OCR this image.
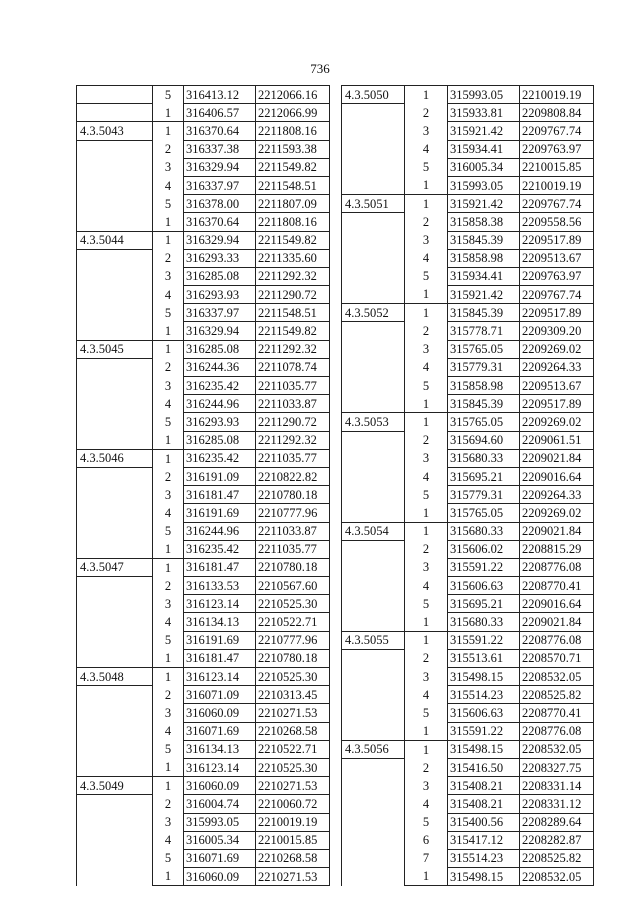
736
	5	316413.12	2212066.16
	1	316406.57	2212066.99
4.3.5043	1	316370.64	2211808.16
	2	316337.38	2211593.38
	3	316329.94	2211549.82
	4	316337.97	2211548.51
	5	316378.00	2211807.09
	1	316370.64	2211808.16
4.3.5044	1	316329.94	2211549.82
	2	316293.33	2211335.60
	3	316285.08	2211292.32
	4	316293.93	2211290.72
	5	316337.97	2211548.51
	1	316329.94	2211549.82
4.3.5045	1	316285.08	2211292.32
	2	316244.36	2211078.74
	3	316235.42	2211035.77
	4	316244.96	2211033.87
	5	316293.93	2211290.72
	1	316285.08	2211292.32
4.3.5046	1	316235.42	2211035.77
	2	316191.09	2210822.82
	3	316181.47	2210780.18
	4	316191.69	2210777.96
	5	316244.96	2211033.87
	1	316235.42	2211035.77
4.3.5047	1	316181.47	2210780.18
	2	316133.53	2210567.60
	3	316123.14	2210525.30
	4	316134.13	2210522.71
	5	316191.69	2210777.96
	1	316181.47	2210780.18
4.3.5048	1	316123.14	2210525.30
	2	316071.09	2210313.45
	3	316060.09	2210271.53
	4	316071.69	2210268.58
	5	316134.13	2210522.71
	1	316123.14	2210525.30
4.3.5049	1	316060.09	2210271.53
	2	316004.74	2210060.72
	3	315993.05	2210019.19
	4	316005.34	2210015.85
	5	316071.69	2210268.58
	1	316060.09	2210271.53
4.3.5050	1	315993.05	2210019.19
	2	315933.81	2209808.84
	3	315921.42	2209767.74
	4	315934.41	2209763.97
	5	316005.34	2210015.85
	1	315993.05	2210019.19
4.3.5051	1	315921.42	2209767.74
	2	315858.38	2209558.56
	3	315845.39	2209517.89
	4	315858.98	2209513.67
	5	315934.41	2209763.97
	1	315921.42	2209767.74
4.3.5052	1	315845.39	2209517.89
	2	315778.71	2209309.20
	3	315765.05	2209269.02
	4	315779.31	2209264.33
	5	315858.98	2209513.67
	1	315845.39	2209517.89
4.3.5053	1	315765.05	2209269.02
	2	315694.60	2209061.51
	3	315680.33	2209021.84
	4	315695.21	2209016.64
	5	315779.31	2209264.33
	1	315765.05	2209269.02
4.3.5054	1	315680.33	2209021.84
	2	315606.02	2208815.29
	3	315591.22	2208776.08
	4	315606.63	2208770.41
	5	315695.21	2209016.64
	1	315680.33	2209021.84
4.3.5055	1	315591.22	2208776.08
	2	315513.61	2208570.71
	3	315498.15	2208532.05
	4	315514.23	2208525.82
	5	315606.63	2208770.41
	1	315591.22	2208776.08
4.3.5056	1	315498.15	2208532.05
	2	315416.50	2208327.75
	3	315408.21	2208331.14
	4	315408.21	2208331.12
	5	315400.56	2208289.64
	6	315417.12	2208282.87
	7	315514.23	2208525.82
	1	315498.15	2208532.05
